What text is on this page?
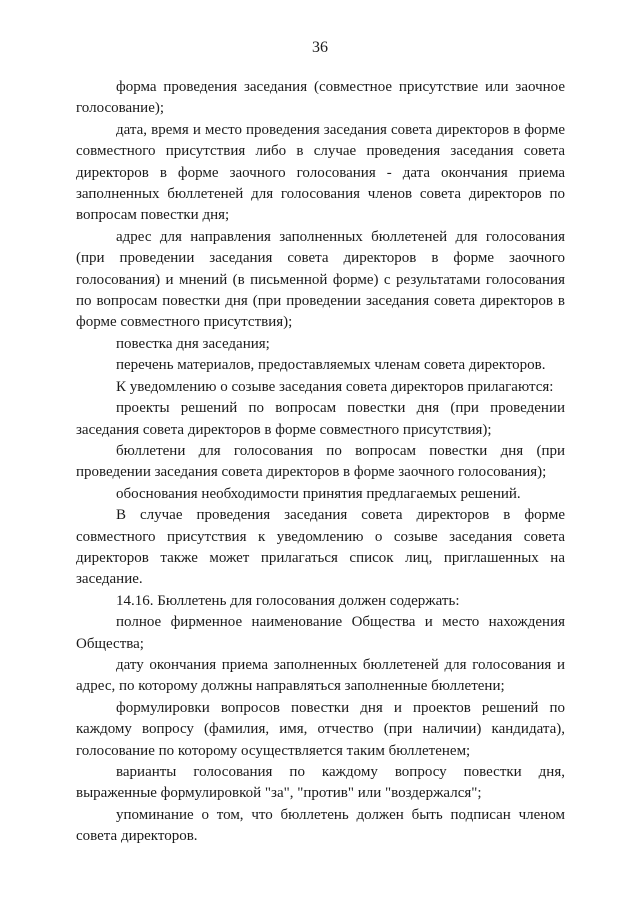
36

форма проведения заседания (совместное присутствие или заочное голосование);

дата, время и место проведения заседания совета директоров в форме совместного присутствия либо в случае проведения заседания совета директоров в форме заочного голосования - дата окончания приема заполненных бюллетеней для голосования членов совета директоров по вопросам повестки дня;

адрес для направления заполненных бюллетеней для голосования (при проведении заседания совета директоров в форме заочного голосования) и мнений (в письменной форме) с результатами голосования по вопросам повестки дня (при проведении заседания совета директоров в форме совместного присутствия);

повестка дня заседания;

перечень материалов, предоставляемых членам совета директоров.

К уведомлению о созыве заседания совета директоров прилагаются:

проекты решений по вопросам повестки дня (при проведении заседания совета директоров в форме совместного присутствия);

бюллетени для голосования по вопросам повестки дня (при проведении заседания совета директоров в форме заочного голосования);

обоснования необходимости принятия предлагаемых решений.

В случае проведения заседания совета директоров в форме совместного присутствия к уведомлению о созыве заседания совета директоров также может прилагаться список лиц, приглашенных на заседание.

14.16. Бюллетень для голосования должен содержать:

полное фирменное наименование Общества и место нахождения Общества;

дату окончания приема заполненных бюллетеней для голосования и адрес, по которому должны направляться заполненные бюллетени;

формулировки вопросов повестки дня и проектов решений по каждому вопросу (фамилия, имя, отчество (при наличии) кандидата), голосование по которому осуществляется таким бюллетенем;

варианты голосования по каждому вопросу повестки дня, выраженные формулировкой "за", "против" или "воздержался";

упоминание о том, что бюллетень должен быть подписан членом совета директоров.
